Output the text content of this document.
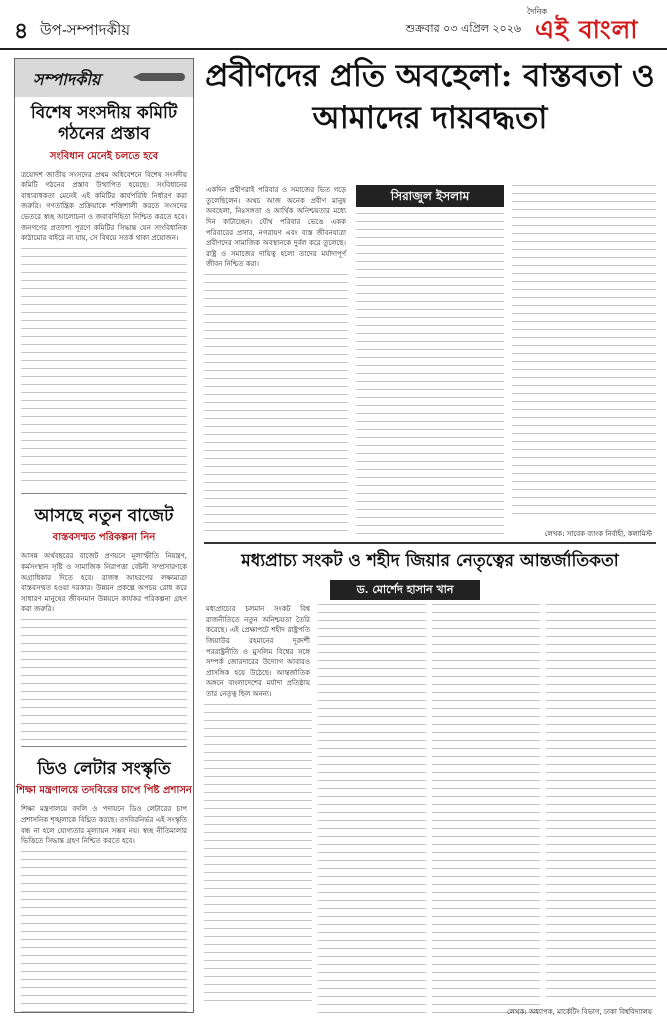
৪ উপ-সম্পাদকীয়	শুক্রবার ০৩ এপ্রিল ২০২৬
দৈনিক
এই বাংলা
সম্পাদকীয়
বিশেষ সংসদীয় কমিটি গঠনের প্রস্তাব
সংবিধান মেনেই চলতে হবে
ত্রয়োদশ জাতীয় সংসদের প্রথম অধিবেশনে বিশেষ সংসদীয় কমিটি গঠনের প্রস্তাব উত্থাপিত হয়েছে। সংবিধানের বাধ্যবাধকতা মেনেই এই কমিটির কার্যপরিধি নির্ধারণ করা জরুরি। গণতান্ত্রিক প্রক্রিয়াকে শক্তিশালী করতে সংসদের ভেতরে স্বচ্ছ আলোচনা ও জবাবদিহিতা নিশ্চিত করতে হবে। জনগণের প্রত্যাশা পূরণে কমিটির সিদ্ধান্ত যেন সাংবিধানিক কাঠামোর বাইরে না যায়, সে বিষয়ে সতর্ক থাকা প্রয়োজন।
আসছে নতুন বাজেট
বাস্তবসম্মত পরিকল্পনা নিন
আসন্ন অর্থবছরের বাজেট প্রণয়নে মূল্যস্ফীতি নিয়ন্ত্রণ, কর্মসংস্থান সৃষ্টি ও সামাজিক নিরাপত্তা বেষ্টনী সম্প্রসারণকে অগ্রাধিকার দিতে হবে। রাজস্ব আহরণের লক্ষ্যমাত্রা বাস্তবসম্মত হওয়া দরকার। উন্নয়ন প্রকল্পে অপচয় রোধ করে সাধারণ মানুষের জীবনমান উন্নয়নে কার্যকর পরিকল্পনা গ্রহণ করা জরুরি।
ডিও লেটার সংস্কৃতি
শিক্ষা মন্ত্রণালয়ে তদবিরের চাপে পিষ্ট প্রশাসন
শিক্ষা মন্ত্রণালয়ে বদলি ও পদায়নে ডিও লেটারের চাপ প্রশাসনিক শৃঙ্খলাকে বিঘ্নিত করছে। তদবিরনির্ভর এই সংস্কৃতি বন্ধ না হলে যোগ্যতার মূল্যায়ন সম্ভব নয়। স্বচ্ছ নীতিমালার ভিত্তিতে সিদ্ধান্ত গ্রহণ নিশ্চিত করতে হবে।
প্রবীণদের প্রতি অবহেলা: বাস্তবতা ও আমাদের দায়বদ্ধতা
সিরাজুল ইসলাম
একদিন প্রবীণরাই পরিবার ও সমাজের ভিত গড়ে তুলেছিলেন। অথচ আজ অনেক প্রবীণ মানুষ অবহেলা, নিঃসঙ্গতা ও আর্থিক অনিশ্চয়তার মধ্যে দিন কাটাচ্ছেন। যৌথ পরিবার ভেঙে একক পরিবারের প্রসার, নগরায়ণ এবং ব্যস্ত জীবনযাত্রা প্রবীণদের সামাজিক অবস্থানকে দুর্বল করে তুলেছে। রাষ্ট্র ও সমাজের দায়িত্ব হলো তাদের মর্যাদাপূর্ণ জীবন নিশ্চিত করা।
লেখক: সাবেক ব্যাংক নির্বাহী, কলামিস্ট
মধ্যপ্রাচ্য সংকট ও শহীদ জিয়ার নেতৃত্বের আন্তর্জাতিকতা
ড. মোর্শেদ হাসান খান
মধ্যপ্রাচ্যের চলমান সংকট বিশ্ব রাজনীতিতে নতুন অনিশ্চয়তা তৈরি করেছে। এই প্রেক্ষাপটে শহীদ রাষ্ট্রপতি জিয়াউর রহমানের দূরদর্শী পররাষ্ট্রনীতি ও মুসলিম বিশ্বের সঙ্গে সম্পর্ক জোরদারের উদ্যোগ আবারও প্রাসঙ্গিক হয়ে উঠেছে। আন্তর্জাতিক অঙ্গনে বাংলাদেশের মর্যাদা প্রতিষ্ঠায় তার নেতৃত্ব ছিল অনন্য।
লেখক: অধ্যাপক, মার্কেটিং বিভাগ, ঢাকা বিশ্ববিদ্যালয়
